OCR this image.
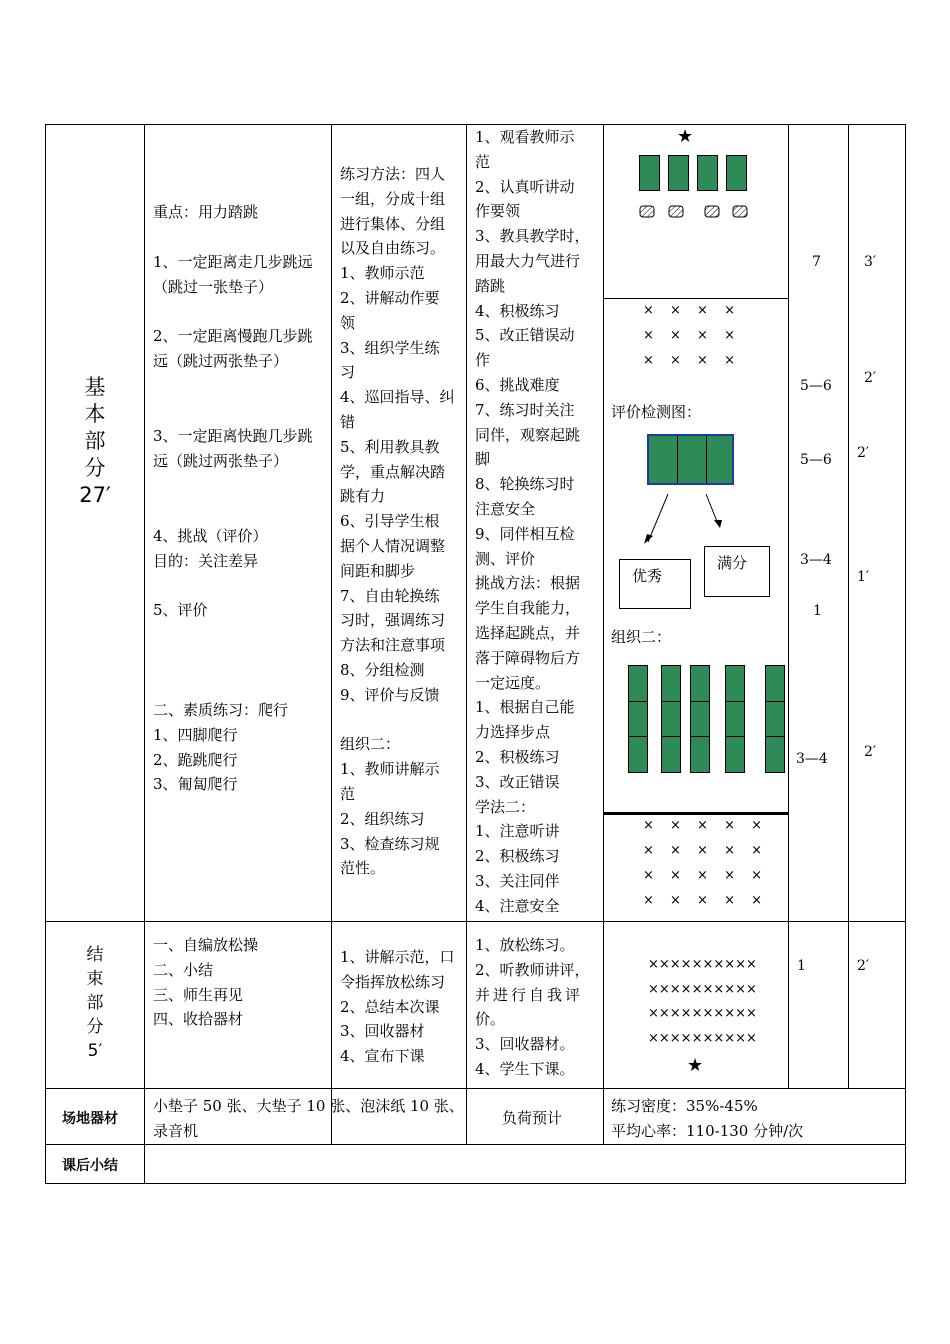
基
本
部
分
27′
重点：用力踏跳
1、一定距离走几步跳远
（跳过一张垫子）
2、一定距离慢跑几步跳
远（跳过两张垫子）
3、一定距离快跑几步跳
远（跳过两张垫子）
4、挑战（评价）
目的：关注差异
5、评价
二、素质练习：爬行
1、四脚爬行
2、跪跳爬行
3、匍匐爬行
练习方法：四人
一组，分成十组
进行集体、分组
以及自由练习。
1、教师示范
2、讲解动作要
领
3、组织学生练
习
4、巡回指导、纠
错
5、利用教具教
学，重点解决踏
跳有力
6、引导学生根
据个人情况调整
间距和脚步
7、自由轮换练
习时，强调练习
方法和注意事项
8、分组检测
9、评价与反馈
组织二：
1、教师讲解示
范
2、组织练习
3、检查练习规
范性。
1、观看教师示
范
2、认真听讲动
作要领
3、教具教学时，
用最大力气进行
踏跳
4、积极练习
5、改正错误动
作
6、挑战难度
7、练习时关注
同伴，观察起跳
脚
8、轮换练习时
注意安全
9、同伴相互检
测、评价
挑战方法：根据
学生自我能力，
选择起跳点，并
落于障碍物后方
一定远度。
1、根据自己能
力选择步点
2、积极练习
3、改正错误
学法二：
1、注意听讲
2、积极练习
3、关注同伴
4、注意安全
★
× × × ×
× × × ×
× × × ×
评价检测图：
优秀
满分
组织二：
× × × × ×
× × × × ×
× × × × ×
× × × × ×
7
5—6
5—6
3—4
1
3—4
3′
2′
2′
1′
2′
结
束
部
分
5′
一、自编放松操
二、小结
三、师生再见
四、收拾器材
1、讲解示范，口
令指挥放松练习
2、总结本次课
3、回收器材
4、宣布下课
1、放松练习。
2、听教师讲评，
并进行自我评
价。
3、回收器材。
4、学生下课。
××××××××××
××××××××××
××××××××××
××××××××××
★
1	2′
场地器材
小垫子 50 张、大垫子 10 张、泡沫纸 10 张、
录音机
负荷预计
练习密度：35%-45%
平均心率：110-130 分钟/次
课后小结
